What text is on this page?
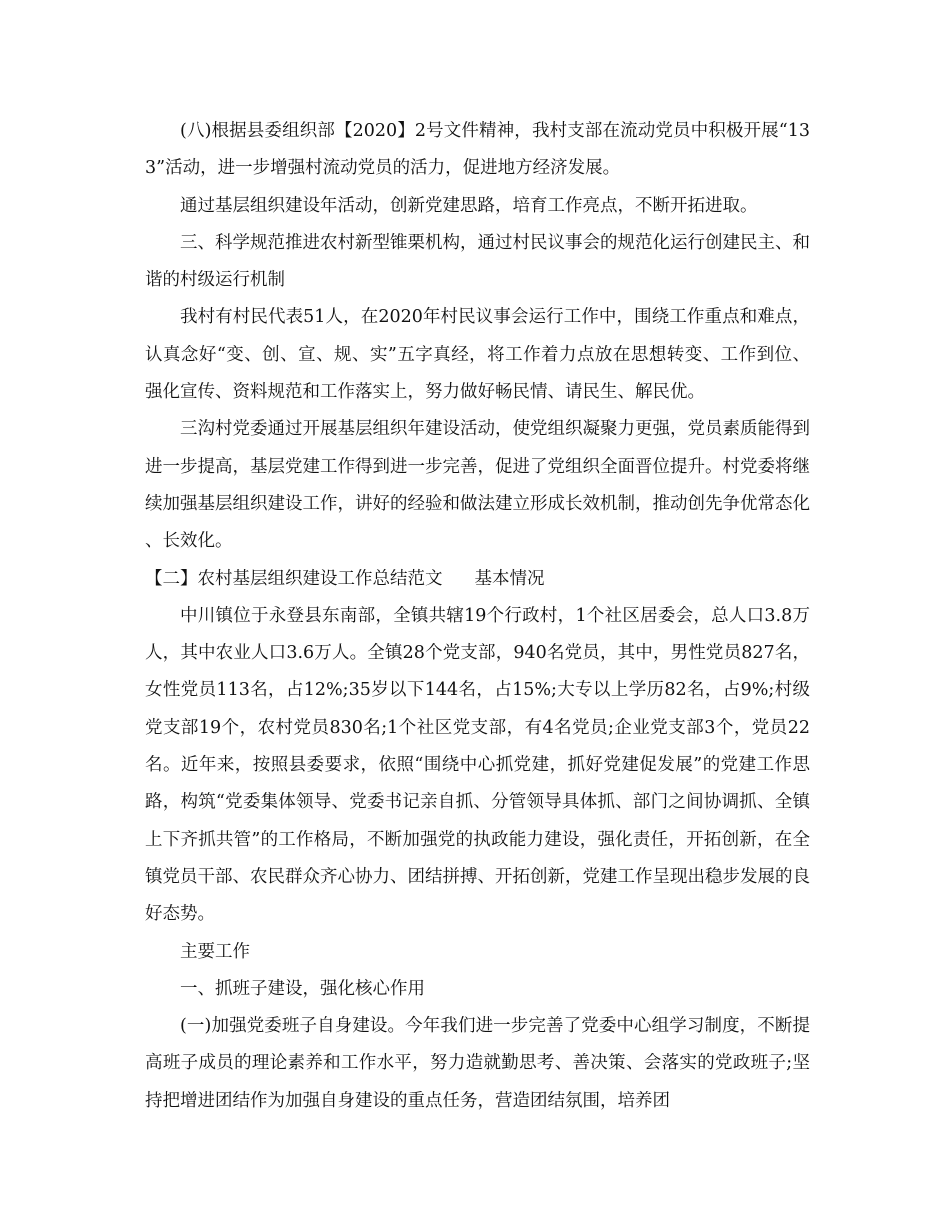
(八)根据县委组织部【2020】2号文件精神，我村支部在流动党员中积极开展“133”活动，进一步增强村流动党员的活力，促进地方经济发展。

通过基层组织建设年活动，创新党建思路，培育工作亮点，不断开拓进取。

三、科学规范推进农村新型锥栗机构，通过村民议事会的规范化运行创建民主、和谐的村级运行机制

我村有村民代表51人，在2020年村民议事会运行工作中，围绕工作重点和难点，认真念好“变、创、宣、规、实”五字真经，将工作着力点放在思想转变、工作到位、强化宣传、资料规范和工作落实上，努力做好畅民情、请民生、解民优。

三沟村党委通过开展基层组织年建设活动，使党组织凝聚力更强，党员素质能得到进一步提高，基层党建工作得到进一步完善，促进了党组织全面晋位提升。村党委将继续加强基层组织建设工作，讲好的经验和做法建立形成长效机制，推动创先争优常态化、长效化。

【二】农村基层组织建设工作总结范文 基本情况

中川镇位于永登县东南部，全镇共辖19个行政村，1个社区居委会，总人口3.8万人，其中农业人口3.6万人。全镇28个党支部，940名党员，其中，男性党员827名，女性党员113名，占12%;35岁以下144名，占15%;大专以上学历82名，占9%;村级党支部19个，农村党员830名;1个社区党支部，有4名党员;企业党支部3个，党员22名。近年来，按照县委要求，依照“围绕中心抓党建，抓好党建促发展”的党建工作思路，构筑“党委集体领导、党委书记亲自抓、分管领导具体抓、部门之间协调抓、全镇上下齐抓共管”的工作格局，不断加强党的执政能力建设，强化责任，开拓创新，在全镇党员干部、农民群众齐心协力、团结拼搏、开拓创新，党建工作呈现出稳步发展的良好态势。

主要工作

一、抓班子建设，强化核心作用

(一)加强党委班子自身建设。今年我们进一步完善了党委中心组学习制度，不断提高班子成员的理论素养和工作水平，努力造就勤思考、善决策、会落实的党政班子;坚持把增进团结作为加强自身建设的重点任务，营造团结氛围，培养团
